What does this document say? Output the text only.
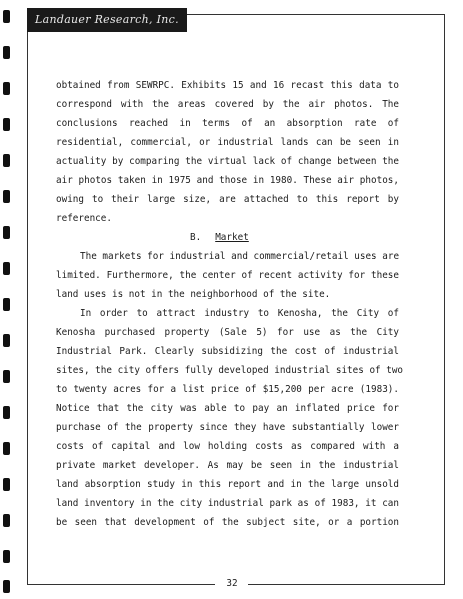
Landauer Research, Inc.
obtained from SEWRPC. Exhibits 15 and 16 recast this data to
correspond with the areas covered by the air photos. The
conclusions reached in terms of an absorption rate of
residential, commercial, or industrial lands can be seen in
actuality by comparing the virtual lack of change between the
air photos taken in 1975 and those in 1980. These air photos,
owing to their large size, are attached to this report by
reference.
B. Market
The markets for industrial and commercial/retail uses are
limited. Furthermore, the center of recent activity for these
land uses is not in the neighborhood of the site.
In order to attract industry to Kenosha, the City of
Kenosha purchased property (Sale 5) for use as the City
Industrial Park. Clearly subsidizing the cost of industrial
sites, the city offers fully developed industrial sites of two
to twenty acres for a list price of $15,200 per acre (1983).
Notice that the city was able to pay an inflated price for
purchase of the property since they have substantially lower
costs of capital and low holding costs as compared with a
private market developer. As may be seen in the industrial
land absorption study in this report and in the large unsold
land inventory in the city industrial park as of 1983, it can
be seen that development of the subject site, or a portion
32
